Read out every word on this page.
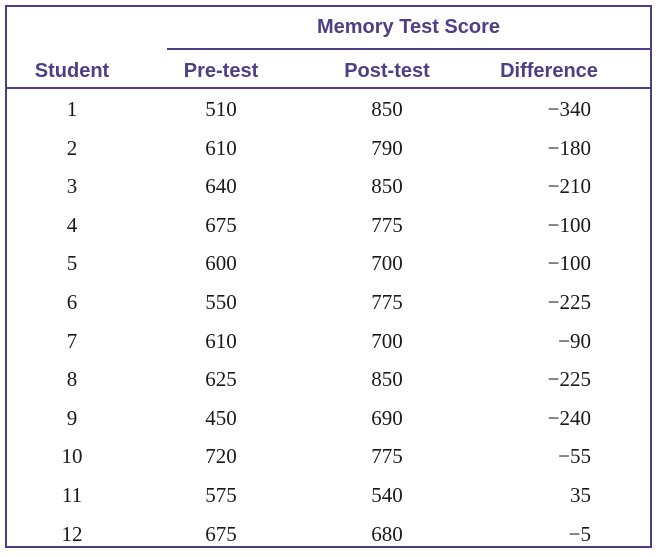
Memory Test Score
Student	Pre-test	Post-test	Difference
1	510	850	−340
2	610	790	−180
3	640	850	−210
4	675	775	−100
5	600	700	−100
6	550	775	−225
7	610	700	−90
8	625	850	−225
9	450	690	−240
10	720	775	−55
11	575	540	35
12	675	680	−5
